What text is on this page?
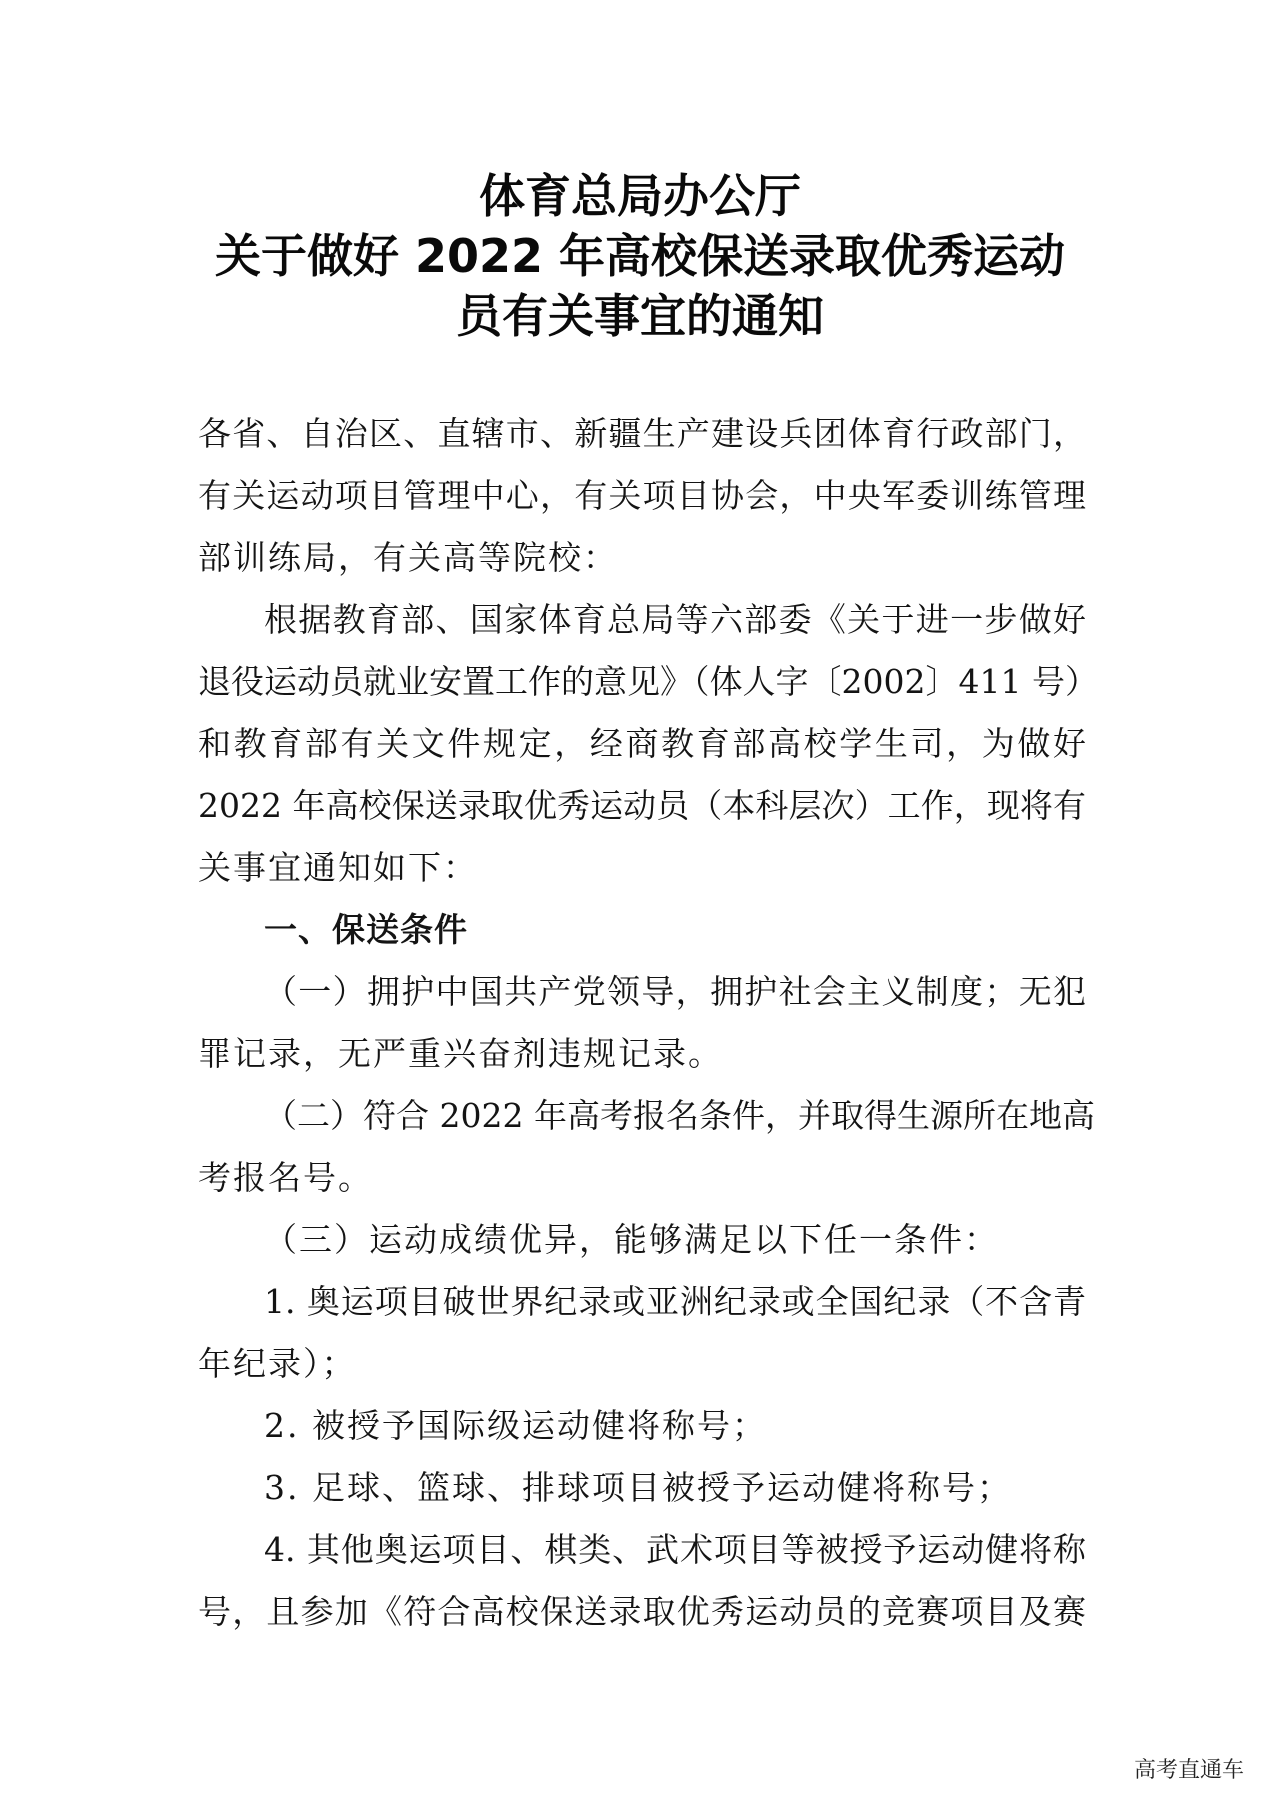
体育总局办公厅
关于做好 2022 年高校保送录取优秀运动
员有关事宜的通知
各省、自治区、直辖市、新疆生产建设兵团体育行政部门，
有关运动项目管理中心，有关项目协会，中央军委训练管理
部训练局，有关高等院校：
根据教育部、国家体育总局等六部委《关于进一步做好
退役运动员就业安置工作的意见》（体人字〔2002〕411 号）
和教育部有关文件规定，经商教育部高校学生司，为做好
2022 年高校保送录取优秀运动员（本科层次）工作，现将有
关事宜通知如下：
一、保送条件
（一）拥护中国共产党领导，拥护社会主义制度；无犯
罪记录，无严重兴奋剂违规记录。
（二）符合 2022 年高考报名条件，并取得生源所在地高
考报名号。
（三）运动成绩优异，能够满足以下任一条件：
1. 奥运项目破世界纪录或亚洲纪录或全国纪录（不含青
年纪录）；
2. 被授予国际级运动健将称号；
3. 足球、篮球、排球项目被授予运动健将称号；
4. 其他奥运项目、棋类、武术项目等被授予运动健将称
号，且参加《符合高校保送录取优秀运动员的竞赛项目及赛
高考直通车
